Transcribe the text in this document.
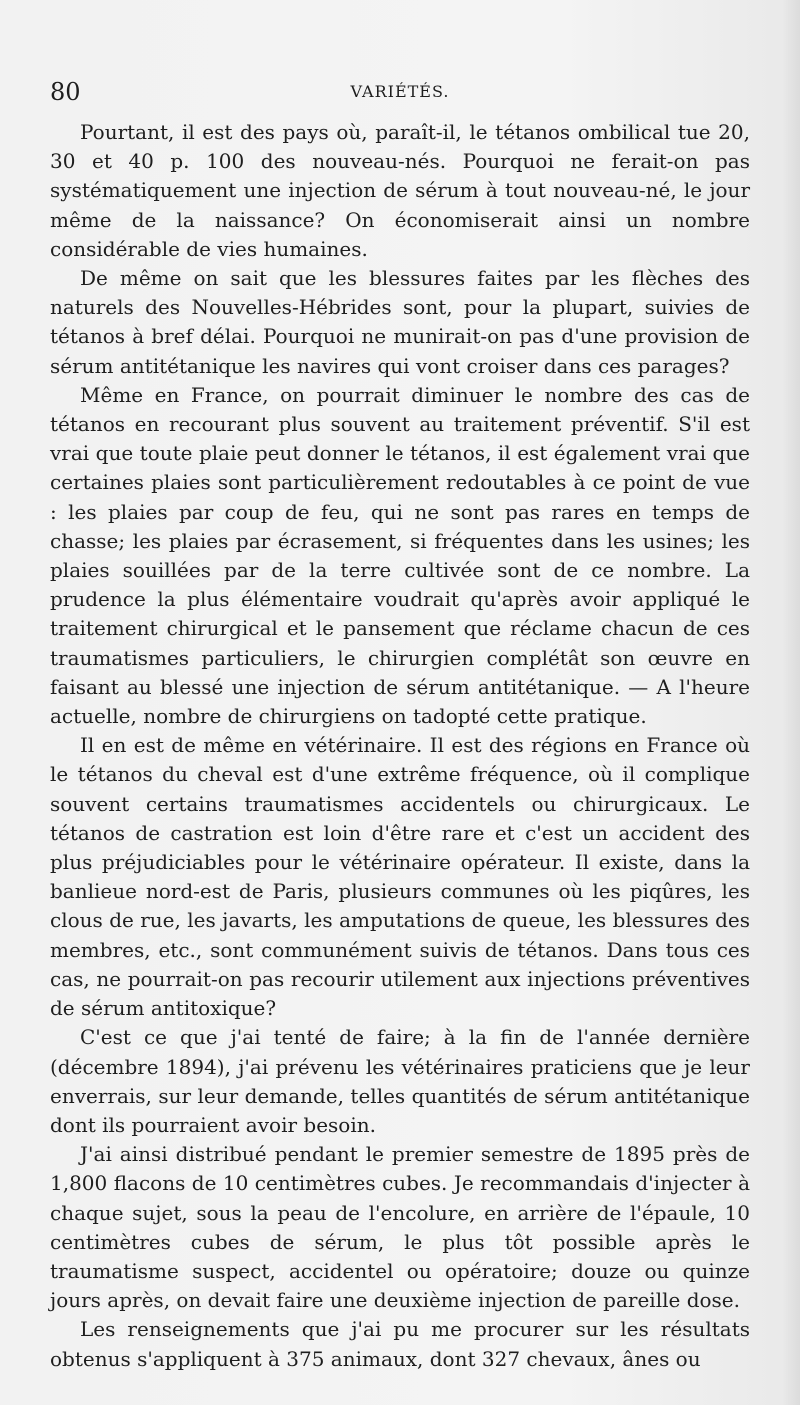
80	VARIÉTÉS.

Pourtant, il est des pays où, paraît-il, le tétanos ombilical tue 20, 30 et 40 p. 100 des nouveau-nés. Pourquoi ne ferait-on pas systématiquement une injection de sérum à tout nouveau-né, le jour même de la naissance? On économiserait ainsi un nombre considérable de vies humaines.

De même on sait que les blessures faites par les flèches des naturels des Nouvelles-Hébrides sont, pour la plupart, suivies de tétanos à bref délai. Pourquoi ne munirait-on pas d'une provision de sérum antitétanique les navires qui vont croiser dans ces parages?

Même en France, on pourrait diminuer le nombre des cas de tétanos en recourant plus souvent au traitement préventif. S'il est vrai que toute plaie peut donner le tétanos, il est également vrai que certaines plaies sont particulièrement redoutables à ce point de vue : les plaies par coup de feu, qui ne sont pas rares en temps de chasse; les plaies par écrasement, si fréquentes dans les usines; les plaies souillées par de la terre cultivée sont de ce nombre. La prudence la plus élémentaire voudrait qu'après avoir appliqué le traitement chirurgical et le pansement que réclame chacun de ces traumatismes particuliers, le chirurgien complétât son œuvre en faisant au blessé une injection de sérum antitétanique. — A l'heure actuelle, nombre de chirurgiens on tadopté cette pratique.

Il en est de même en vétérinaire. Il est des régions en France où le tétanos du cheval est d'une extrême fréquence, où il complique souvent certains traumatismes accidentels ou chirurgicaux. Le tétanos de castration est loin d'être rare et c'est un accident des plus préjudiciables pour le vétérinaire opérateur. Il existe, dans la banlieue nord-est de Paris, plusieurs communes où les piqûres, les clous de rue, les javarts, les amputations de queue, les blessures des membres, etc., sont communément suivis de tétanos. Dans tous ces cas, ne pourrait-on pas recourir utilement aux injections préventives de sérum antitoxique?

C'est ce que j'ai tenté de faire; à la fin de l'année dernière (décembre 1894), j'ai prévenu les vétérinaires praticiens que je leur enverrais, sur leur demande, telles quantités de sérum antitétanique dont ils pourraient avoir besoin.

J'ai ainsi distribué pendant le premier semestre de 1895 près de 1,800 flacons de 10 centimètres cubes. Je recommandais d'injecter à chaque sujet, sous la peau de l'encolure, en arrière de l'épaule, 10 centimètres cubes de sérum, le plus tôt possible après le traumatisme suspect, accidentel ou opératoire; douze ou quinze jours après, on devait faire une deuxième injection de pareille dose.

Les renseignements que j'ai pu me procurer sur les résultats obtenus s'appliquent à 375 animaux, dont 327 chevaux, ânes ou
